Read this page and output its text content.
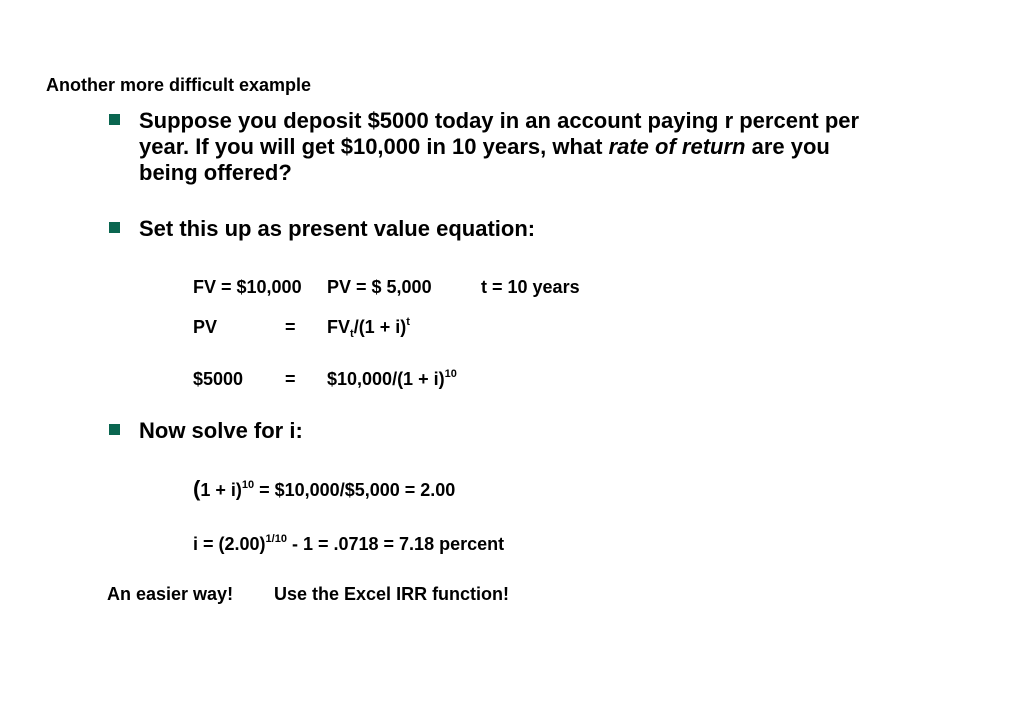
Another more difficult example
Suppose you deposit $5000 today in an account paying r percent per
year. If you will get $10,000 in 10 years, what rate of return are you
being offered?
Set this up as present value equation:
FV = $10,000 PV = $ 5,000	t = 10 years
PV	= $FV_t/(1 + i)^t$
$5000 = $10,000/(1 + i)$^{10}$
Now solve for i:
$(1 + i)^{10}$ = $10,000/$5,000 = 2.00
$i = (2.00)^{1/10} - 1 = .0718 = 7.18$ percent
An easier way! Use the Excel IRR function!
